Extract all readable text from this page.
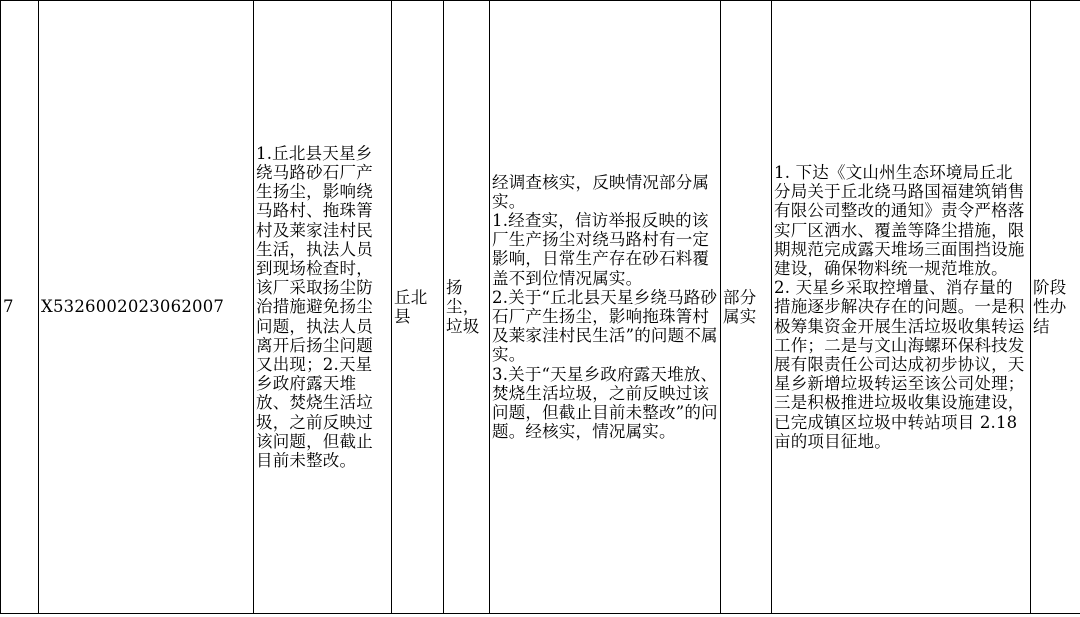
7	X5326002023062007	1.丘北县天星乡绕马路砂石厂产生扬尘，影响绕马路村、拖珠箐村及莱家洼村民生活，执法人员到现场检查时，该厂采取扬尘防治措施避免扬尘问题，执法人员离开后扬尘问题又出现；2.天星乡政府露天堆放、焚烧生活垃圾，之前反映过该问题，但截止目前未整改。	丘北县	扬尘，垃圾	经调查核实，反映情况部分属实。
1.经查实，信访举报反映的该厂生产扬尘对绕马路村有一定影响，日常生产存在砂石料覆盖不到位情况属实。
2.关于“丘北县天星乡绕马路砂石厂产生扬尘，影响拖珠箐村及莱家洼村民生活”的问题不属实。
3.关于“天星乡政府露天堆放、焚烧生活垃圾，之前反映过该问题，但截止目前未整改”的问题。经核实，情况属实。	部分属实	1. 下达《文山州生态环境局丘北分局关于丘北绕马路国福建筑销售有限公司整改的通知》责令严格落实厂区洒水、覆盖等降尘措施，限期规范完成露天堆场三面围挡设施建设，确保物料统一规范堆放。
2. 天星乡采取控增量、消存量的措施逐步解决存在的问题。一是积极筹集资金开展生活垃圾收集转运工作；二是与文山海螺环保科技发展有限责任公司达成初步协议，天星乡新增垃圾转运至该公司处理；三是积极推进垃圾收集设施建设，已完成镇区垃圾中转站项目 2.18 亩的项目征地。	阶段性办结
